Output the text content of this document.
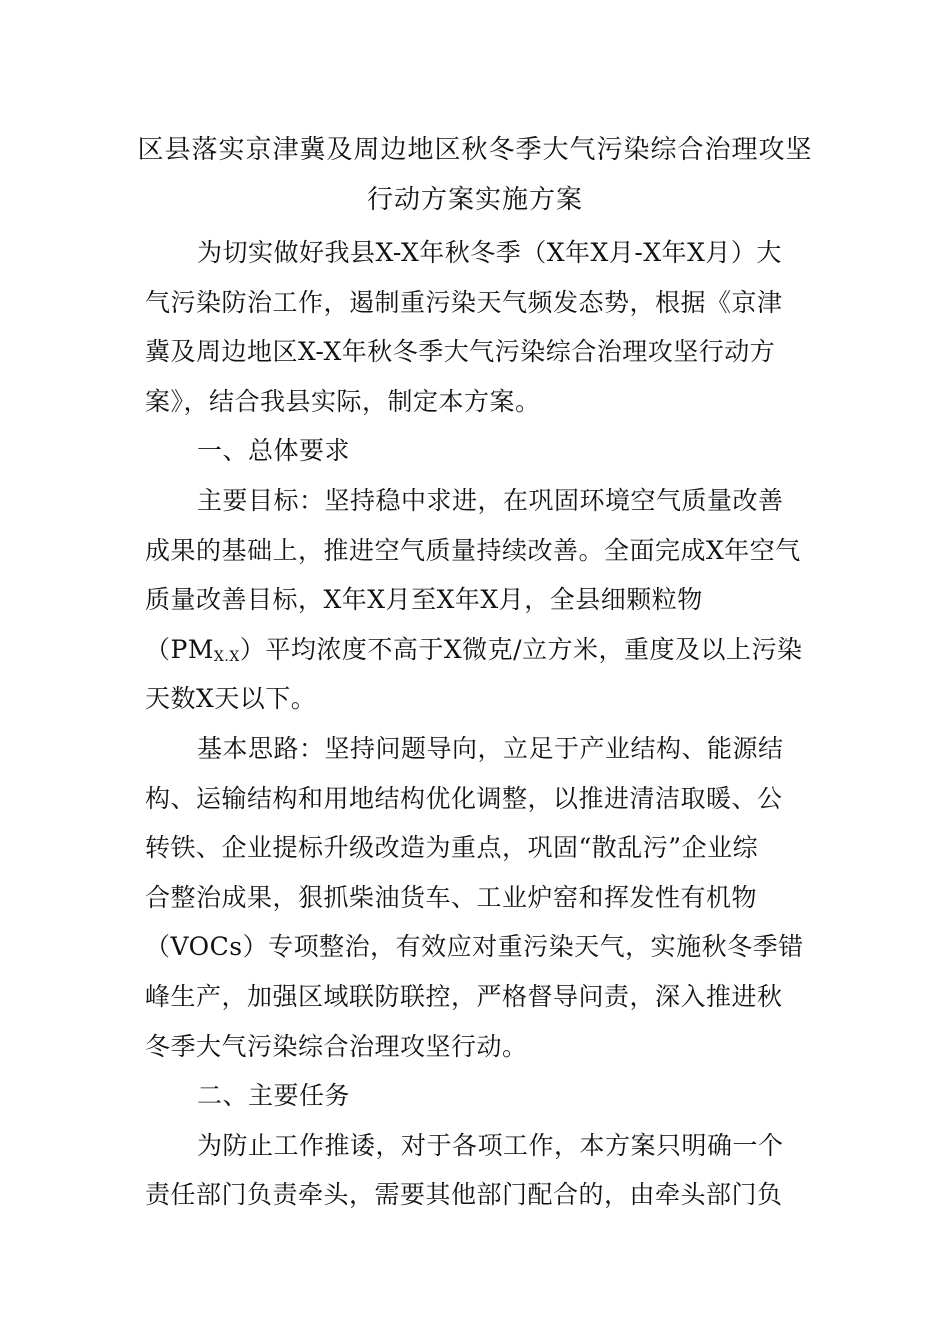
区县落实京津冀及周边地区秋冬季大气污染综合治理攻坚
行动方案实施方案
为切实做好我县X-X年秋冬季（X年X月-X年X月）大
气污染防治工作，遏制重污染天气频发态势，根据《京津
冀及周边地区X-X年秋冬季大气污染综合治理攻坚行动方
案》，结合我县实际，制定本方案。
一、总体要求
主要目标：坚持稳中求进，在巩固环境空气质量改善
成果的基础上，推进空气质量持续改善。全面完成X年空气
质量改善目标，X年X月至X年X月，全县细颗粒物
$(PM_{X.X})$平均浓度不高于X微克/立方米，重度及以上污染
天数X天以下。
基本思路：坚持问题导向，立足于产业结构、能源结
构、运输结构和用地结构优化调整，以推进清洁取暖、公
转铁、企业提标升级改造为重点，巩固“散乱污”企业综
合整治成果，狠抓柴油货车、工业炉窑和挥发性有机物
（VOCs）专项整治，有效应对重污染天气，实施秋冬季错
峰生产，加强区域联防联控，严格督导问责，深入推进秋
冬季大气污染综合治理攻坚行动。
二、主要任务
为防止工作推诿，对于各项工作，本方案只明确一个
责任部门负责牵头，需要其他部门配合的，由牵头部门负
